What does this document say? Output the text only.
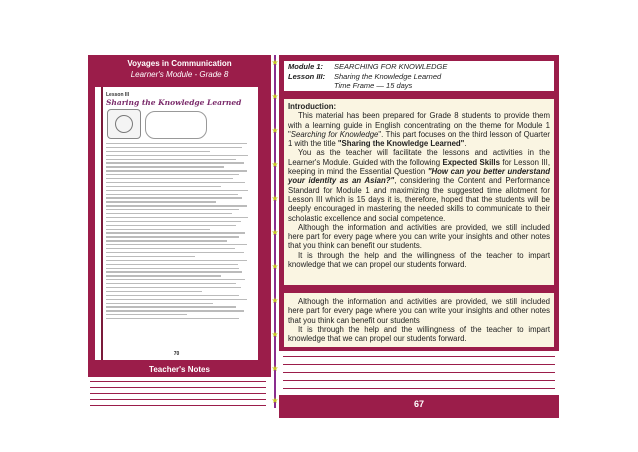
Voyages in Communication
Learner's Module - Grade 8
Lesson III
Sharing the Knowledge Learned
70
Teacher's Notes
★
★
★
★
★
★
★
★
★
★
★
Module 1: SEARCHING FOR KNOWLEDGE
Lesson III: Sharing the Knowledge Learned
Time Frame — 15 days
Introduction:

This material has been prepared for Grade 8 students to provide them with a learning guide in English concentrating on the theme for Module 1 "Searching for Knowledge". This part focuses on the third lesson of Quarter 1 with the title "Sharing the Knowledge Learned".

You as the teacher will facilitate the lessons and activities in the Learner's Module. Guided with the following Expected Skills for Lesson III, keeping in mind the Essential Question "How can you better understand your identity as an Asian?", considering the Content and Performance Standard for Module 1 and maximizing the suggested time allotment for Lesson III which is 15 days it is, therefore, hoped that the students will be deeply encouraged in mastering the needed skills to communicate to their scholastic excellence and social competence.

Although the information and activities are provided, we still included here part for every page where you can write your insights and other notes that you think can benefit our students.

It is through the help and the willingness of the teacher to impart knowledge that we can propel our students forward.

Although the information and activities are provided, we still included here part for every page where you can write your insights and other notes that you think can benefit our students

It is through the help and the willingness of the teacher to impart knowledge that we can propel our students forward.

67
